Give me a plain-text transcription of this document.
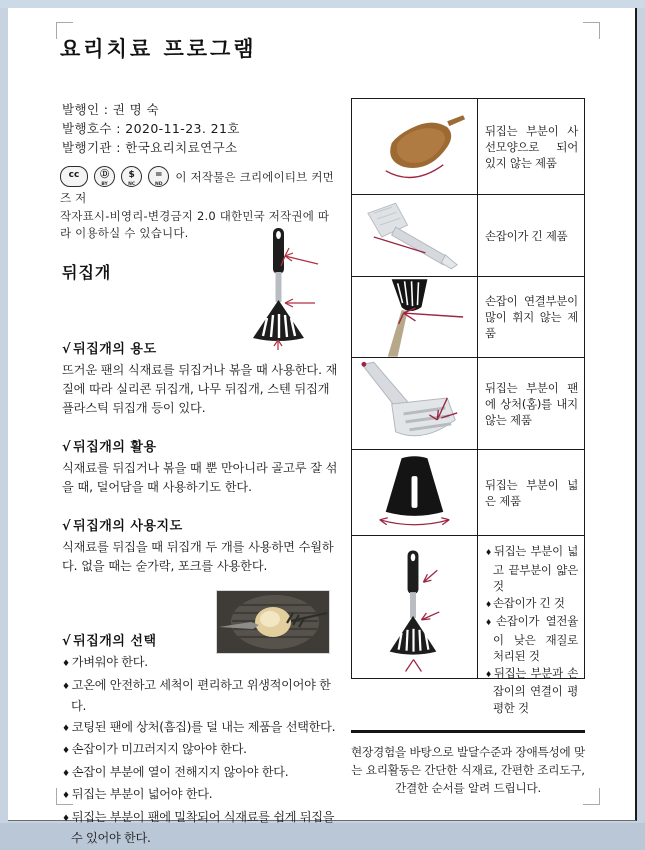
요리치료 프로그램
발행인 : 권 명 숙
발행호수 : 2020-11-23. 21호
발행기관 : 한국요리치료연구소
cc Ⓓ
BY
$
NC
=
ND
이 저작물은 크리에이티브 커먼즈 저
작자표시-비영리-변경금지 2.0 대한민국 저작권에 따라 이용하실 수 있습니다.
뒤집개
√ 뒤집개의 용도

뜨거운 팬의 식재료를 뒤집거나 볶을 때 사용한다. 재질에 따라 실리콘 뒤집개, 나무 뒤집개, 스텐 뒤집개 플라스틱 뒤집개 등이 있다.

√ 뒤집개의 활용

식재료를 뒤집거나 볶을 때 뿐 만아니라 골고루 잘 섞을 때, 덜어담을 때 사용하기도 한다.

√ 뒤집개의 사용지도

식재료를 뒤집을 때 뒤집개 두 개를 사용하면 수월하다. 없을 때는 숟가락, 포크를 사용한다.

√ 뒤집개의 선택
♦ 가벼워야 한다.
♦ 고온에 안전하고 세척이 편리하고 위생적이어야 한다.
♦ 코팅된 팬에 상처(흠집)를 덜 내는 제품을 선택한다.
♦ 손잡이가 미끄러지지 않아야 한다.
♦ 손잡이 부분에 열이 전해지지 않아야 한다.
♦ 뒤집는 부분이 넓어야 한다.
♦ 뒤집는 부분이 팬에 밀착되어 식재료를 쉽게 뒤집을 수 있어야 한다.
뒤집는 부분이 사선모양으로 되어 있지 않는 제품
손잡이가 긴 제품
손잡이 연결부분이 많이 휘지 않는 제품
뒤집는 부분이 팬에 상처(홈)를 내지 않는 제품
뒤집는 부분이 넓은 제품
♦ 뒤집는 부분이 넓고 끝부분이 얇은 것
♦ 손잡이가 긴 것
♦ 손잡이가 열전율이 낮은 재질로 처리된 것
♦ 뒤집는 부분과 손잡이의 연결이 평평한 것
현장경험을 바탕으로 발달수준과 장애특성에 맞는 요리활동은 간단한 식재료, 간편한 조리도구, 간결한 순서를 알려 드립니다.
